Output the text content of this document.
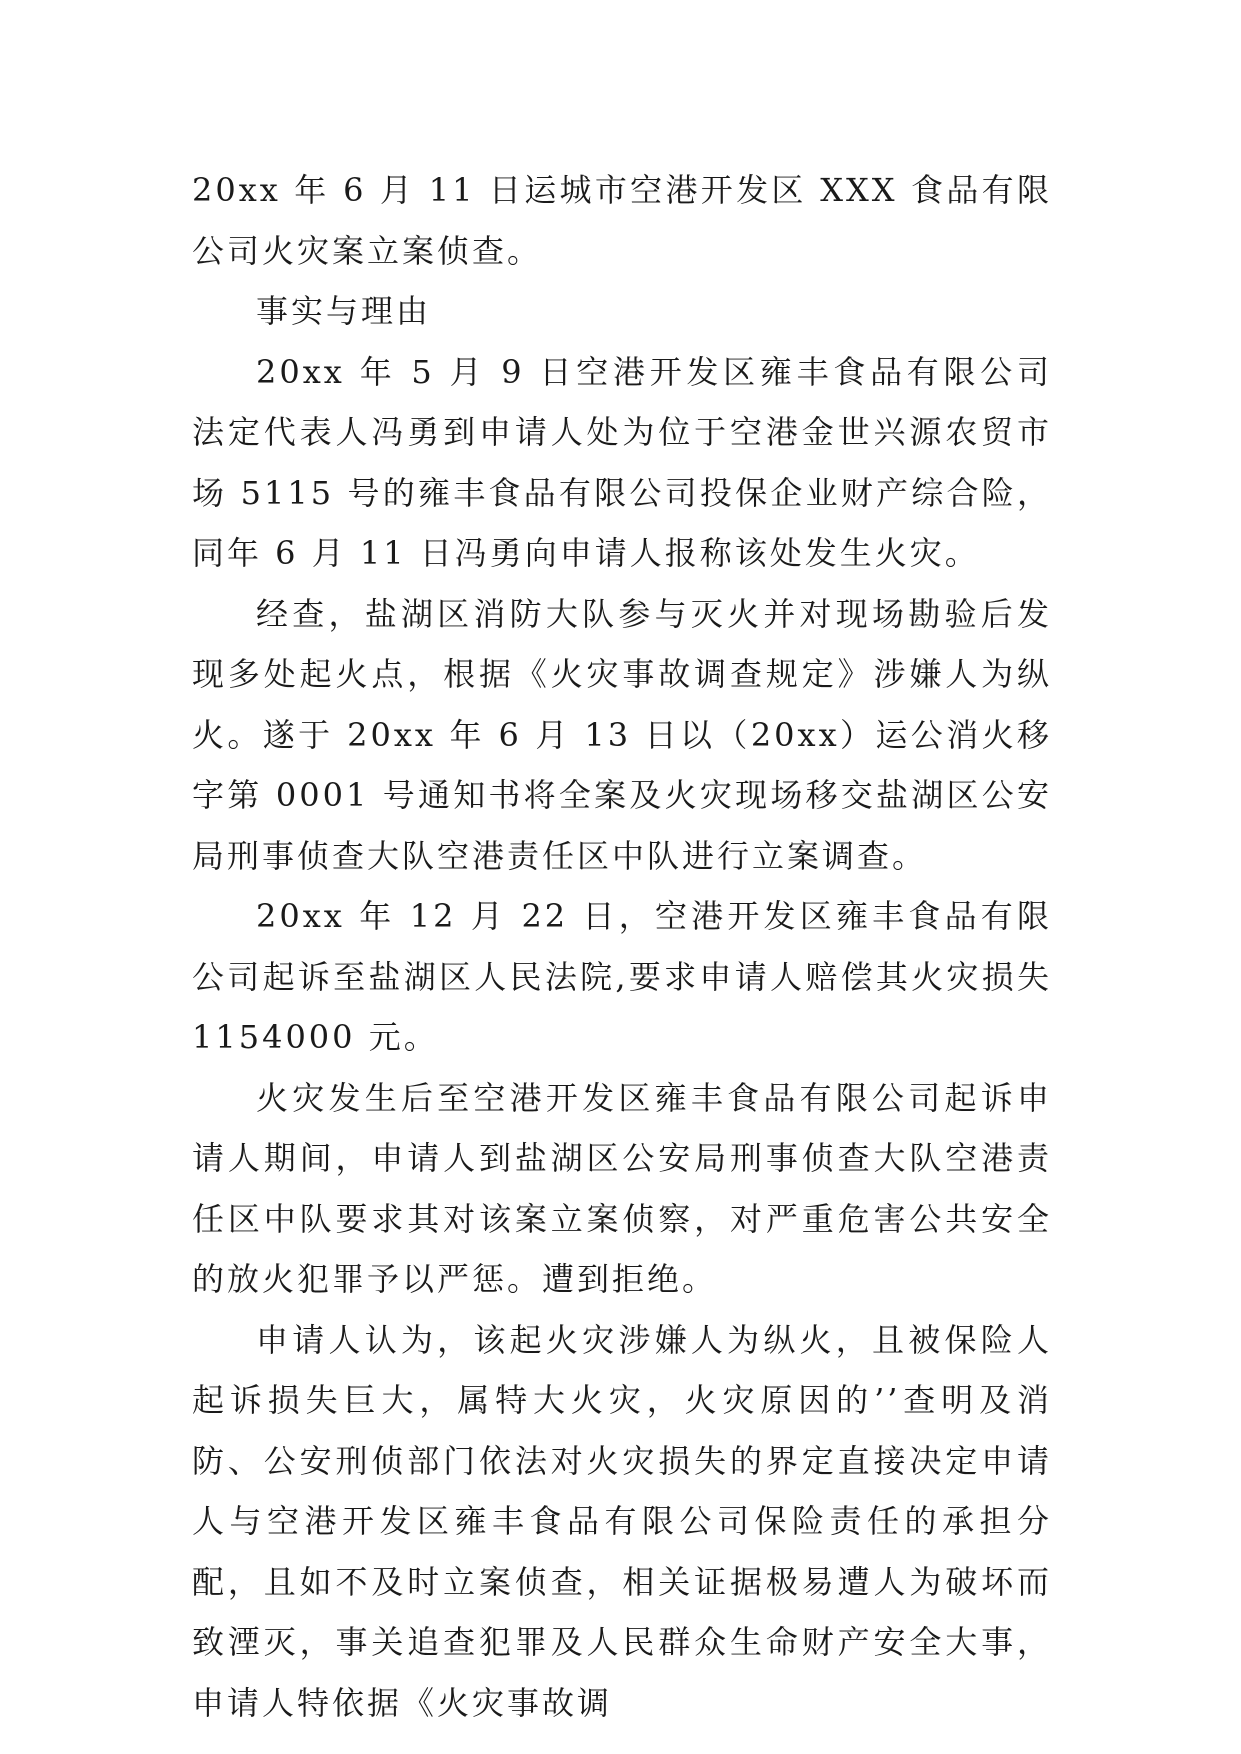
20xx 年 6 月 11 日运城市空港开发区 XXX 食品有限公司火灾案立案侦查。

事实与理由

20xx 年 5 月 9 日空港开发区雍丰食品有限公司法定代表人冯勇到申请人处为位于空港金世兴源农贸市场 5115 号的雍丰食品有限公司投保企业财产综合险，同年 6 月 11 日冯勇向申请人报称该处发生火灾。

经查，盐湖区消防大队参与灭火并对现场勘验后发现多处起火点，根据《火灾事故调查规定》涉嫌人为纵火。遂于 20xx 年 6 月 13 日以（20xx）运公消火移字第 0001 号通知书将全案及火灾现场移交盐湖区公安局刑事侦查大队空港责任区中队进行立案调查。

20xx 年 12 月 22 日，空港开发区雍丰食品有限公司起诉至盐湖区人民法院,要求申请人赔偿其火灾损失 1154000 元。

火灾发生后至空港开发区雍丰食品有限公司起诉申请人期间，申请人到盐湖区公安局刑事侦查大队空港责任区中队要求其对该案立案侦察，对严重危害公共安全的放火犯罪予以严惩。遭到拒绝。

申请人认为，该起火灾涉嫌人为纵火，且被保险人起诉损失巨大，属特大火灾，火灾原因的’’查明及消防、公安刑侦部门依法对火灾损失的界定直接决定申请人与空港开发区雍丰食品有限公司保险责任的承担分配，且如不及时立案侦查，相关证据极易遭人为破坏而致湮灭，事关追查犯罪及人民群众生命财产安全大事，申请人特依据《火灾事故调
